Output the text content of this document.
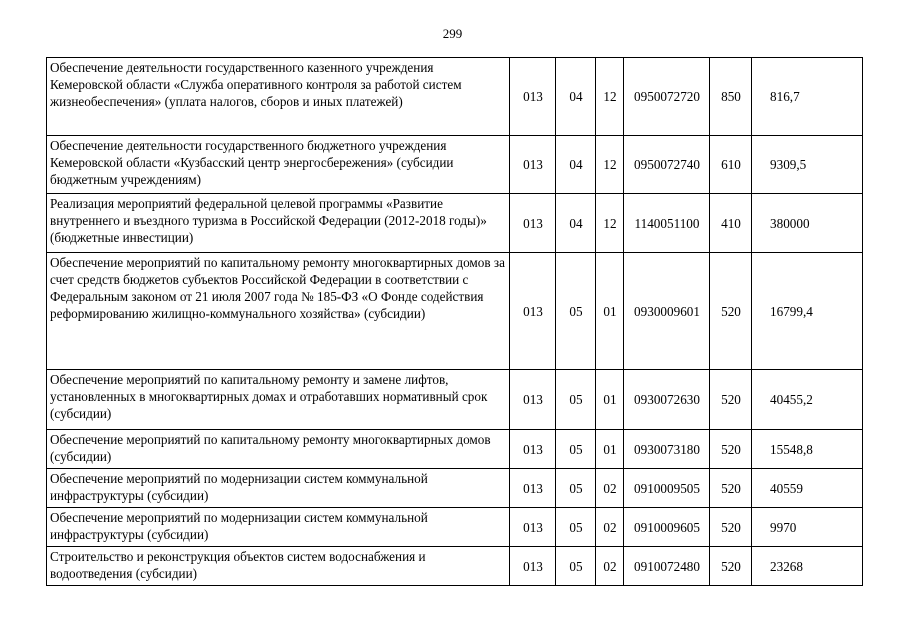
299
Обеспечение деятельности государственного казенного учреждения Кемеровской области «Служба оперативного контроля за работой систем жизнеобеспечения» (уплата налогов, сборов и иных платежей)	013	04	12	0950072720	850	816,7
Обеспечение деятельности государственного бюджетного учреждения Кемеровской области «Кузбасский центр энергосбережения» (субсидии бюджетным учреждениям)	013	04	12	0950072740	610	9309,5
Реализация мероприятий федеральной целевой программы «Развитие внутреннего и въездного туризма в Российской Федерации (2012-2018 годы)» (бюджетные инвестиции)	013	04	12	1140051100	410	380000
Обеспечение мероприятий по капитальному ремонту многоквартирных домов за счет средств бюджетов субъектов Российской Федерации в соответствии с Федеральным законом от 21 июля 2007 года № 185-ФЗ «О Фонде содействия реформированию жилищно-коммунального хозяйства» (субсидии)	013	05	01	0930009601	520	16799,4
Обеспечение мероприятий по капитальному ремонту и замене лифтов, установленных в многоквартирных домах и отработавших нормативный срок (субсидии)	013	05	01	0930072630	520	40455,2
Обеспечение мероприятий по капитальному ремонту многоквартирных домов (субсидии)	013	05	01	0930073180	520	15548,8
Обеспечение мероприятий по модернизации систем коммунальной инфраструктуры (субсидии)	013	05	02	0910009505	520	40559
Обеспечение мероприятий по модернизации систем коммунальной инфраструктуры (субсидии)	013	05	02	0910009605	520	9970
Строительство и реконструкция объектов систем водоснабжения и водоотведения (субсидии)	013	05	02	0910072480	520	23268
